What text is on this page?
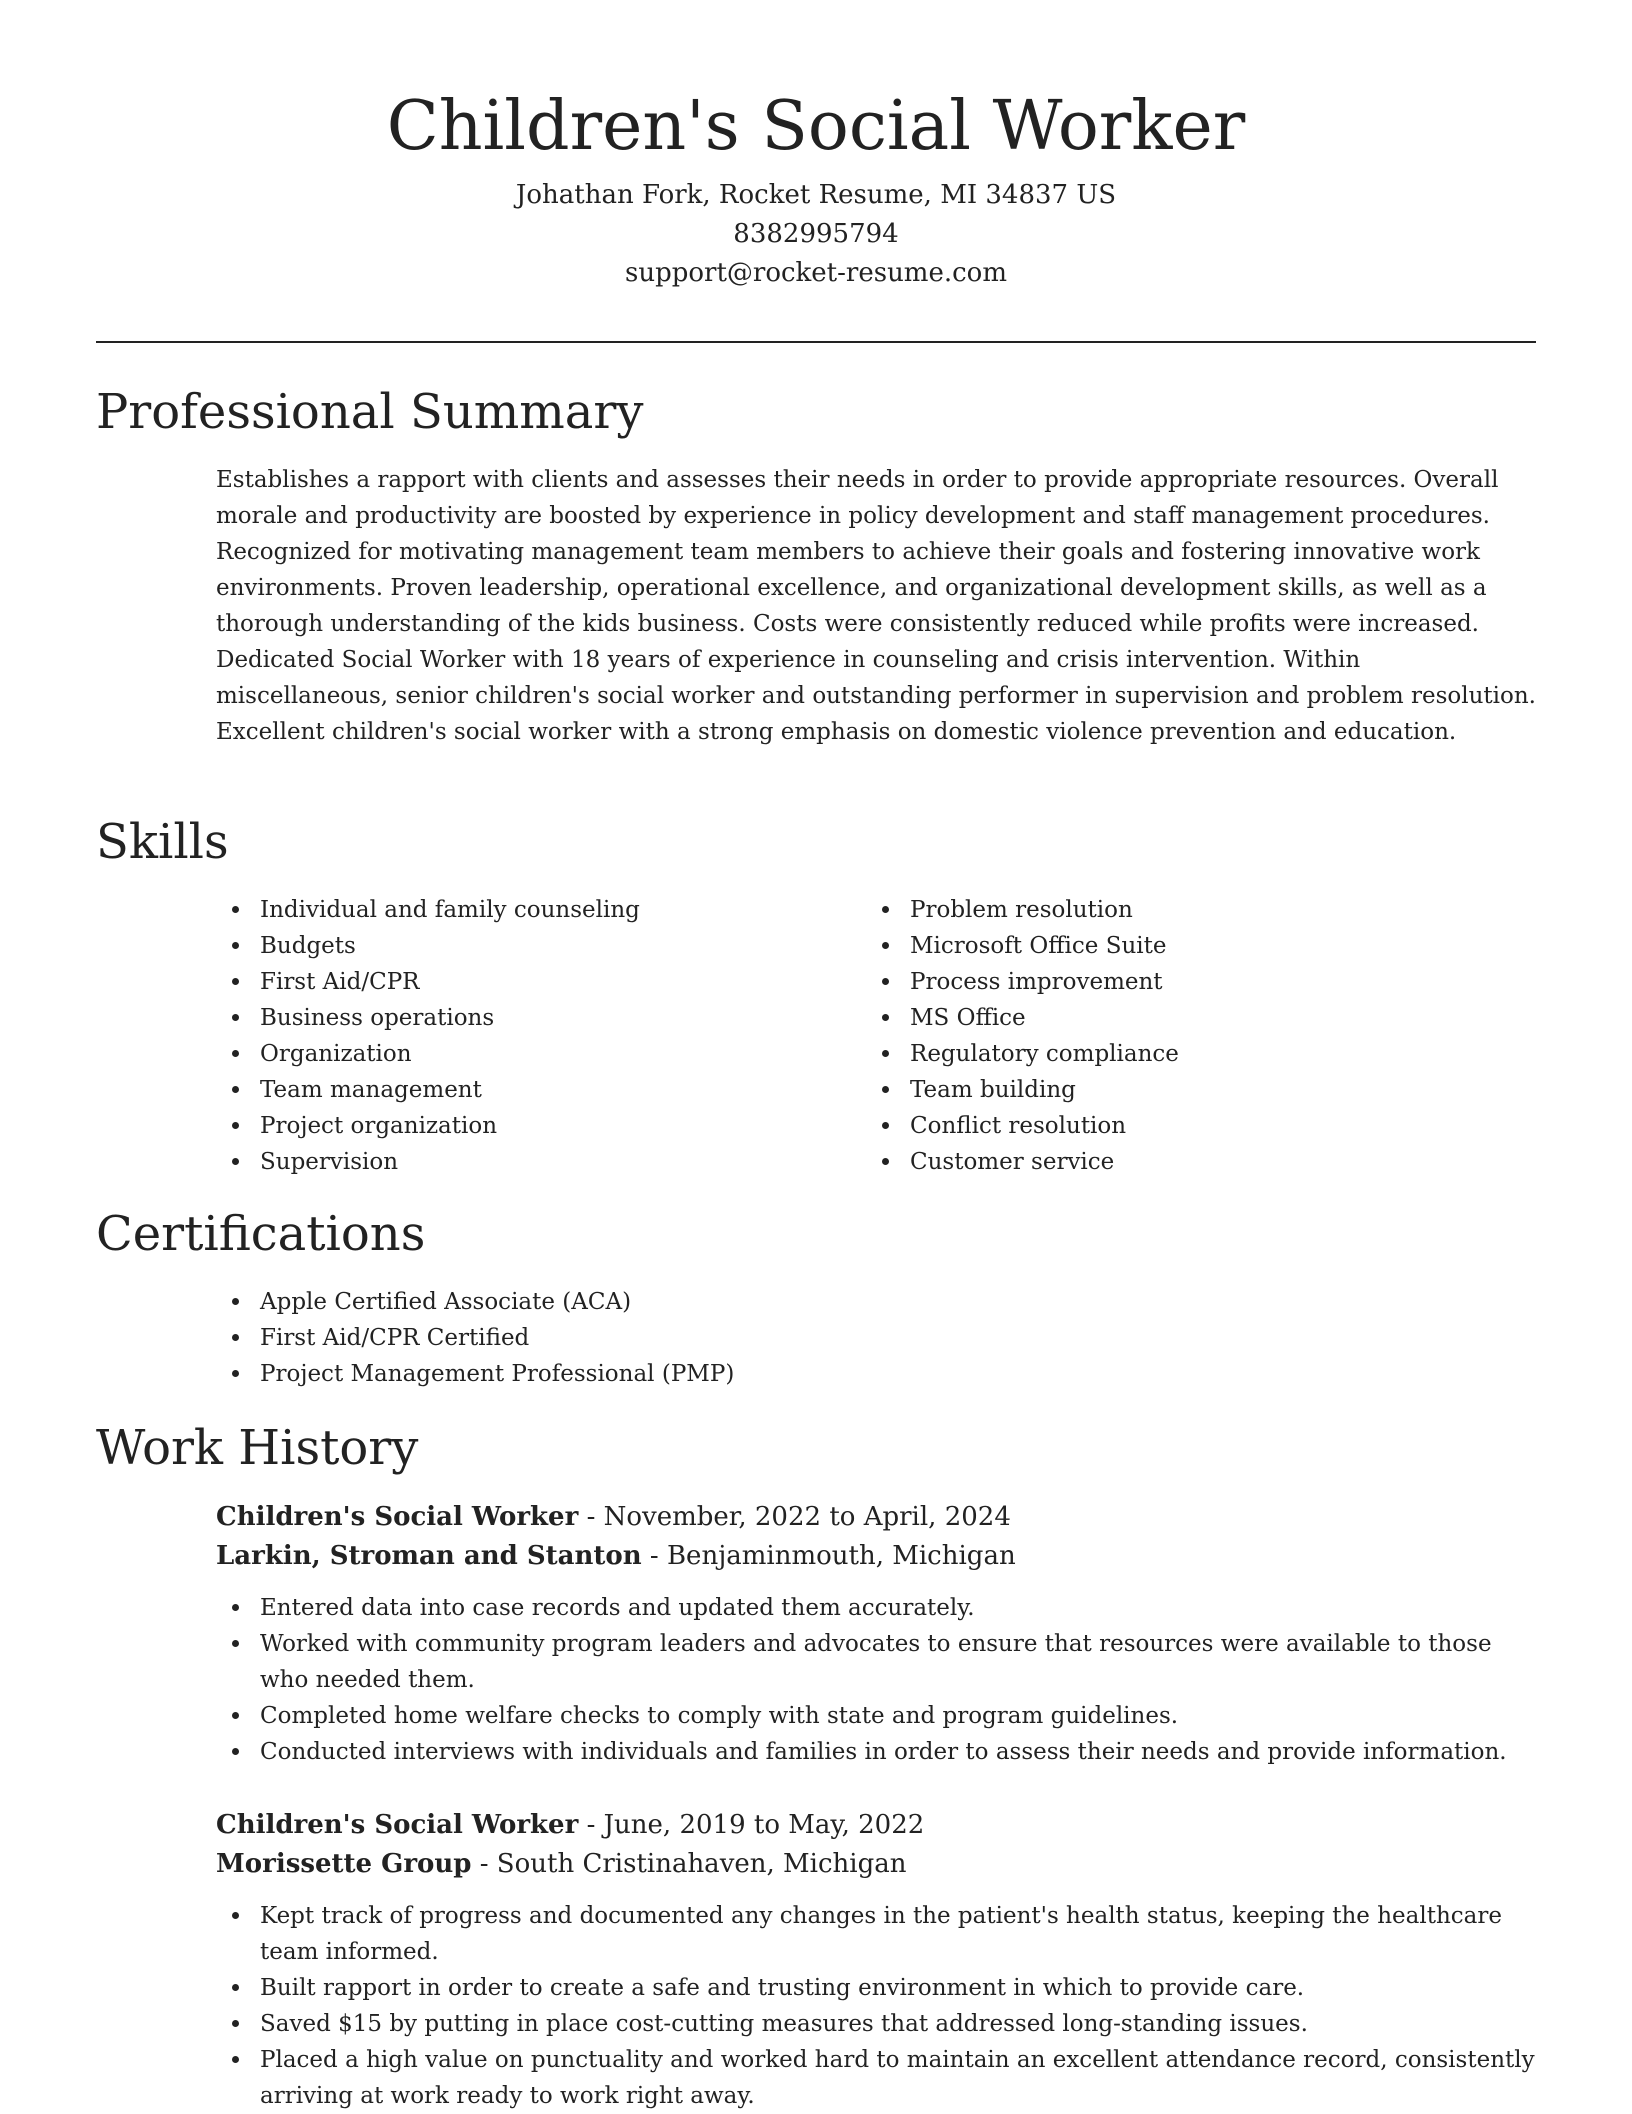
Children's Social Worker

Johathan Fork, Rocket Resume, MI 34837 US

8382995794

support@rocket-resume.com

Professional Summary

Establishes a rapport with clients and assesses their needs in order to provide appropriate resources. Overall morale and productivity are boosted by experience in policy development and staff management procedures. Recognized for motivating management team members to achieve their goals and fostering innovative work environments. Proven leadership, operational excellence, and organizational development skills, as well as a thorough understanding of the kids business. Costs were consistently reduced while profits were increased. Dedicated Social Worker with 18 years of experience in counseling and crisis intervention. Within miscellaneous, senior children's social worker and outstanding performer in supervision and problem resolution. Excellent children's social worker with a strong emphasis on domestic violence prevention and education.

Skills
Individual and family counseling
Budgets
First Aid/CPR
Business operations
Organization
Team management
Project organization
Supervision
Problem resolution
Microsoft Office Suite
Process improvement
MS Office
Regulatory compliance
Team building
Conflict resolution
Customer service
Certifications
Apple Certified Associate (ACA)
First Aid/CPR Certified
Project Management Professional (PMP)
Work History

Children's Social Worker - November, 2022 to April, 2024

Larkin, Stroman and Stanton - Benjaminmouth, Michigan

Entered data into case records and updated them accurately.
Worked with community program leaders and advocates to ensure that resources were available to those who needed them.
Completed home welfare checks to comply with state and program guidelines.
Conducted interviews with individuals and families in order to assess their needs and provide information.

Children's Social Worker - June, 2019 to May, 2022

Morissette Group - South Cristinahaven, Michigan

Kept track of progress and documented any changes in the patient's health status, keeping the healthcare team informed.
Built rapport in order to create a safe and trusting environment in which to provide care.
Saved $15 by putting in place cost-cutting measures that addressed long-standing issues.
Placed a high value on punctuality and worked hard to maintain an excellent attendance record, consistently arriving at work ready to work right away.
